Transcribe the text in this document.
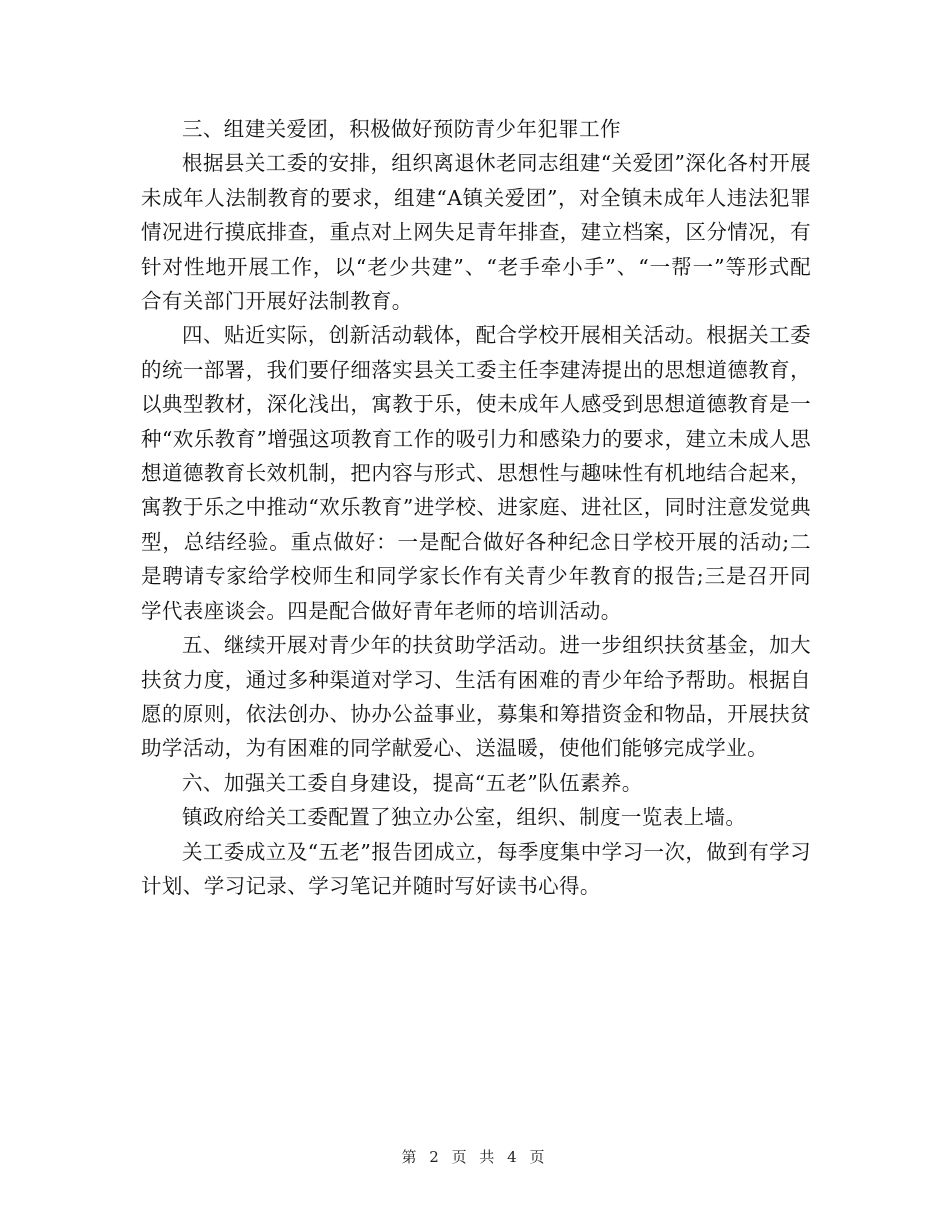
三、组建关爱团，积极做好预防青少年犯罪工作

根据县关工委的安排，组织离退休老同志组建“关爱团”深化各村开展未成年人法制教育的要求，组建“A镇关爱团”，对全镇未成年人违法犯罪情况进行摸底排查，重点对上网失足青年排查，建立档案，区分情况，有针对性地开展工作，以“老少共建”、“老手牵小手”、“一帮一”等形式配合有关部门开展好法制教育。

四、贴近实际，创新活动载体，配合学校开展相关活动。根据关工委的统一部署，我们要仔细落实县关工委主任李建涛提出的思想道德教育，以典型教材，深化浅出，寓教于乐，使未成年人感受到思想道德教育是一种“欢乐教育”增强这项教育工作的吸引力和感染力的要求，建立未成人思想道德教育长效机制，把内容与形式、思想性与趣味性有机地结合起来，寓教于乐之中推动“欢乐教育”进学校、进家庭、进社区，同时注意发觉典型，总结经验。重点做好：一是配合做好各种纪念日学校开展的活动;二是聘请专家给学校师生和同学家长作有关青少年教育的报告;三是召开同学代表座谈会。四是配合做好青年老师的培训活动。

五、继续开展对青少年的扶贫助学活动。进一步组织扶贫基金，加大扶贫力度，通过多种渠道对学习、生活有困难的青少年给予帮助。根据自愿的原则，依法创办、协办公益事业，募集和筹措资金和物品，开展扶贫助学活动，为有困难的同学献爱心、送温暖，使他们能够完成学业。

六、加强关工委自身建设，提高“五老”队伍素养。

镇政府给关工委配置了独立办公室，组织、制度一览表上墙。

关工委成立及“五老”报告团成立，每季度集中学习一次，做到有学习计划、学习记录、学习笔记并随时写好读书心得。

第 2 页 共 4 页
